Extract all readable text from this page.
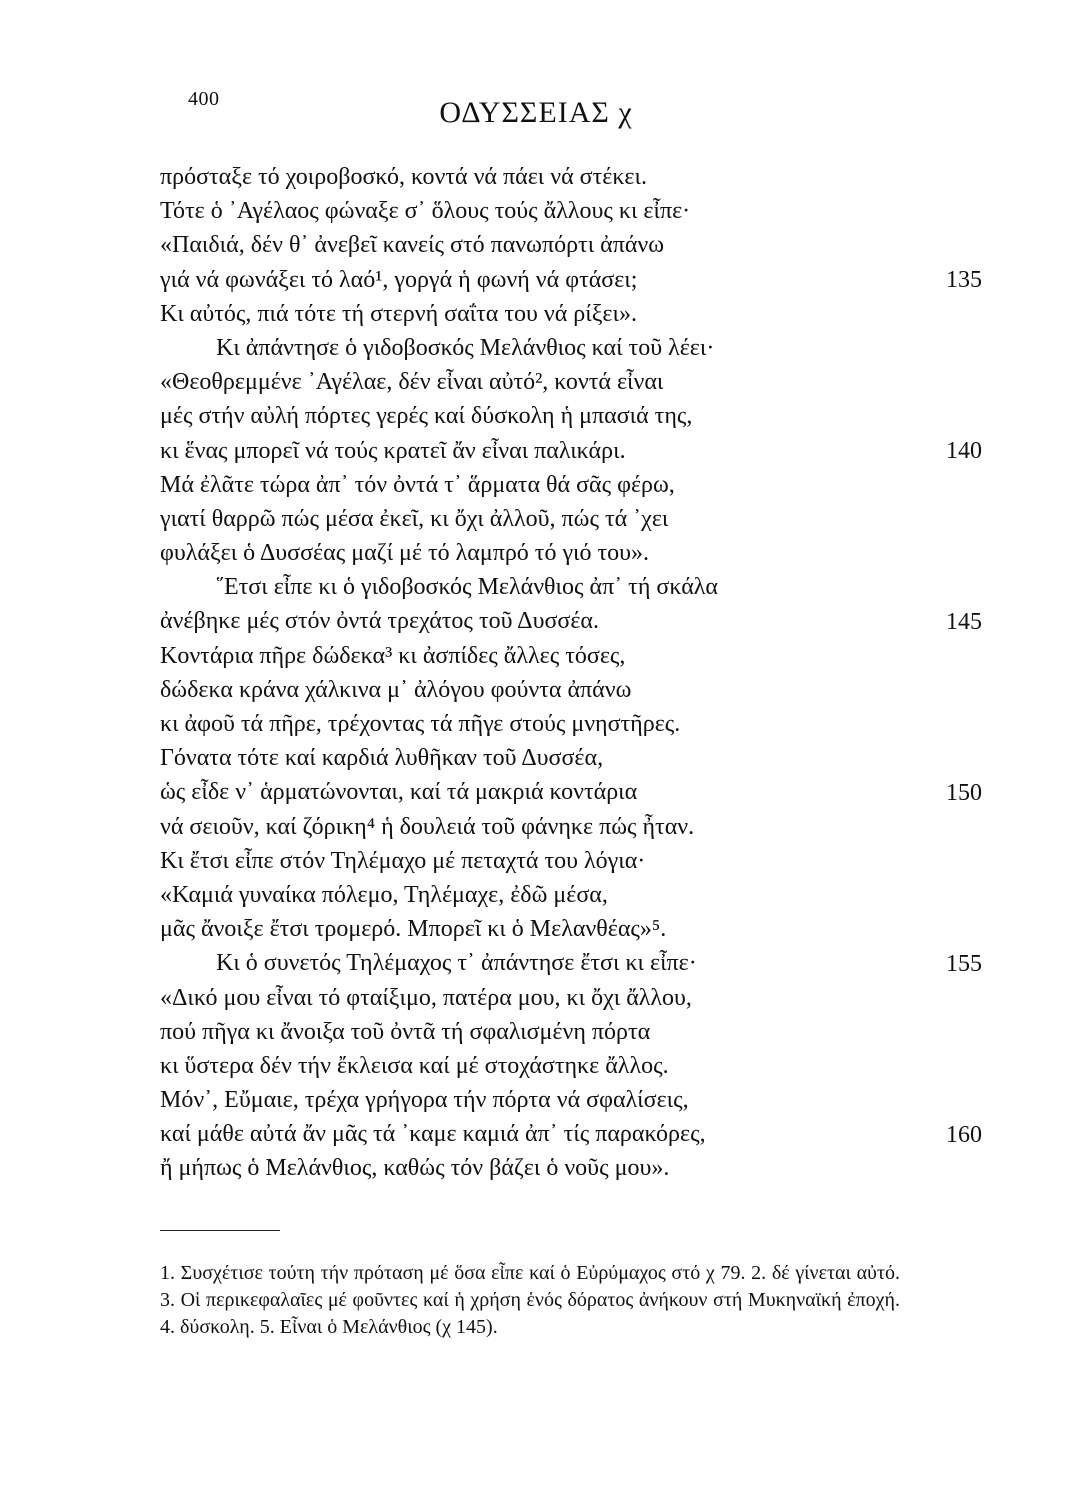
400	ΟΔΥΣΣΕΙΑΣ χ
πρόσταξε τό χοιροβοσκό, κοντά νά πάει νά στέκει.
Τότε ὁ ᾿Αγέλαος φώναξε σ᾿ ὅλους τούς ἄλλους κι εἶπε·
«Παιδιά, δέν θ᾿ ἀνεβεῖ κανείς στό πανωπόρτι ἀπάνω
γιά νά φωνάξει τό λαό¹, γοργά ἡ φωνή νά φτάσει;
Κι αὐτός, πιά τότε τή στερνή σαΐτα του νά ρίξει».
Κι ἀπάντησε ὁ γιδοβοσκός Μελάνθιος καί τοῦ λέει·
«Θεοθρεμμένε ᾿Αγέλαε, δέν εἶναι αὐτό², κοντά εἶναι
μές στήν αὐλή πόρτες γερές καί δύσκολη ἡ μπασιά της,
κι ἕνας μπορεῖ νά τούς κρατεῖ ἄν εἶναι παλικάρι.
Μά ἐλᾶτε τώρα ἀπ᾿ τόν ὀντά τ᾿ ἅρματα θά σᾶς φέρω,
γιατί θαρρῶ πώς μέσα ἐκεῖ, κι ὄχι ἀλλοῦ, πώς τά ᾿χει
φυλάξει ὁ Δυσσέας μαζί μέ τό λαμπρό τό γιό του».
῞Ετσι εἶπε κι ὁ γιδοβοσκός Μελάνθιος ἀπ᾿ τή σκάλα
ἀνέβηκε μές στόν ὀντά τρεχάτος τοῦ Δυσσέα.
Κοντάρια πῆρε δώδεκα³ κι ἀσπίδες ἄλλες τόσες,
δώδεκα κράνα χάλκινα μ᾿ ἀλόγου φούντα ἀπάνω
κι ἀφοῦ τά πῆρε, τρέχοντας τά πῆγε στούς μνηστῆρες.
Γόνατα τότε καί καρδιά λυθῆκαν τοῦ Δυσσέα,
ὡς εἶδε ν᾿ ἁρματώνονται, καί τά μακριά κοντάρια
νά σειοῦν, καί ζόρικη⁴ ἡ δουλειά τοῦ φάνηκε πώς ἦταν.
Κι ἔτσι εἶπε στόν Τηλέμαχο μέ πεταχτά του λόγια·
«Καμιά γυναίκα πόλεμο, Τηλέμαχε, ἐδῶ μέσα,
μᾶς ἄνοιξε ἔτσι τρομερό. Μπορεῖ κι ὁ Μελανθέας»⁵.
Κι ὁ συνετός Τηλέμαχος τ᾿ ἀπάντησε ἔτσι κι εἶπε·
«Δικό μου εἶναι τό φταίξιμο, πατέρα μου, κι ὄχι ἄλλου,
πού πῆγα κι ἄνοιξα τοῦ ὀντᾶ τή σφαλισμένη πόρτα
κι ὕστερα δέν τήν ἔκλεισα καί μέ στοχάστηκε ἄλλος.
Μόν᾿, Εὔμαιε, τρέχα γρήγορα τήν πόρτα νά σφαλίσεις,
καί μάθε αὐτά ἄν μᾶς τά ᾿καμε καμιά ἀπ᾿ τίς παρακόρες,
ἤ μήπως ὁ Μελάνθιος, καθώς τόν βάζει ὁ νοῦς μου».
135
140
145
150
155
160
1. Συσχέτισε τούτη τήν πρόταση μέ ὅσα εἶπε καί ὁ Εὐρύμαχος στό χ 79. 2. δέ γίνεται αὐτό. 3. Οἱ περικεφαλαῖες μέ φοῦντες καί ἡ χρήση ἑνός δόρατος ἀνήκουν στή Μυκηναϊκή ἐποχή. 4. δύσκολη. 5. Εἶναι ὁ Μελάνθιος (χ 145).
